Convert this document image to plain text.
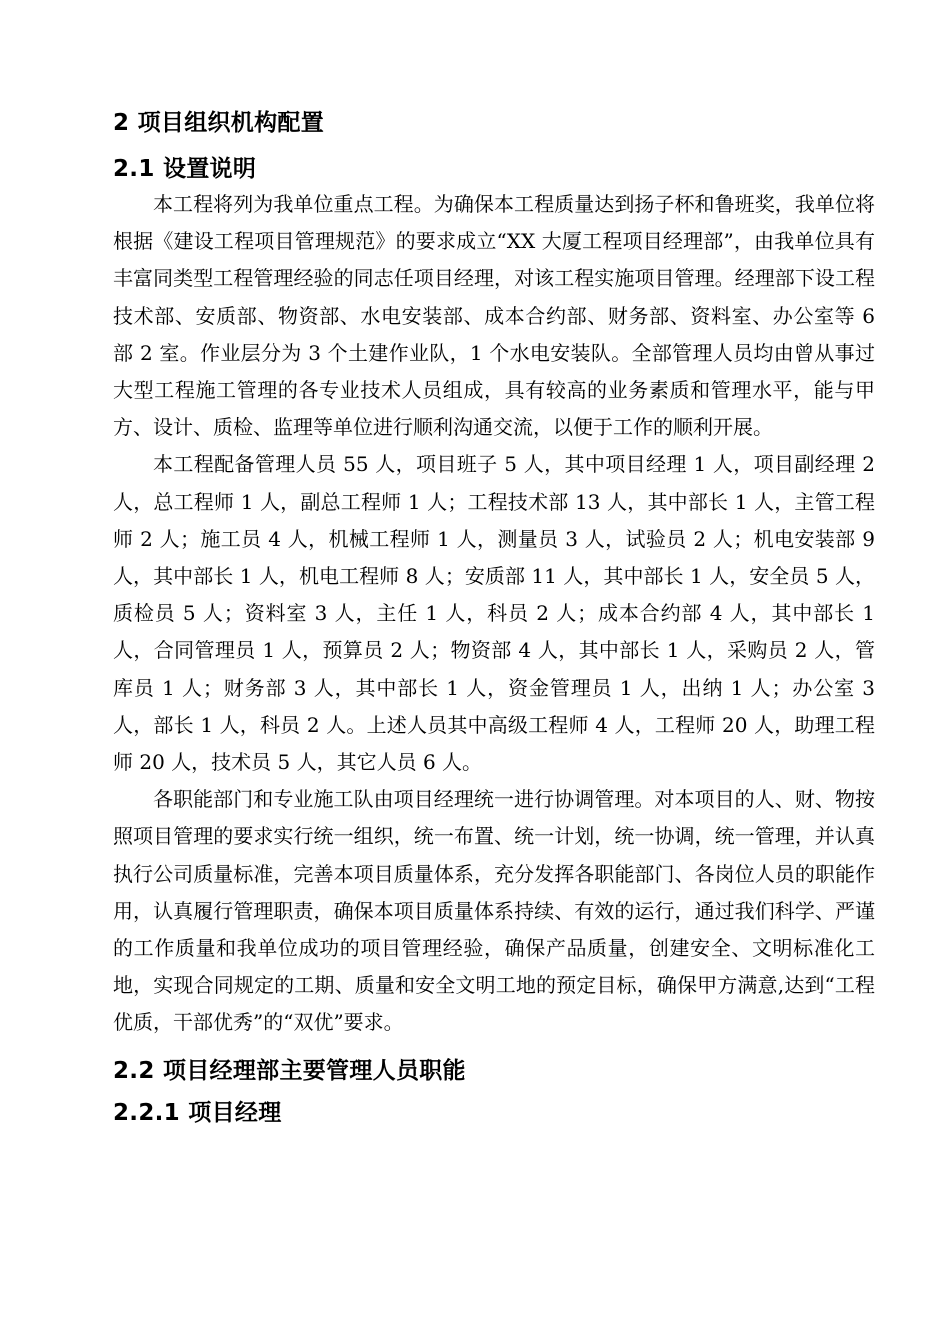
2 项目组织机构配置
2.1 设置说明

本工程将列为我单位重点工程。为确保本工程质量达到扬子杯和鲁班奖，我单位将根据《建设工程项目管理规范》的要求成立“XX 大厦工程项目经理部”，由我单位具有丰富同类型工程管理经验的同志任项目经理，对该工程实施项目管理。经理部下设工程技术部、安质部、物资部、水电安装部、成本合约部、财务部、资料室、办公室等 6 部 2 室。作业层分为 3 个土建作业队，1 个水电安装队。全部管理人员均由曾从事过大型工程施工管理的各专业技术人员组成，具有较高的业务素质和管理水平，能与甲方、设计、质检、监理等单位进行顺利沟通交流，以便于工作的顺利开展。

本工程配备管理人员 55 人，项目班子 5 人，其中项目经理 1 人，项目副经理 2 人，总工程师 1 人，副总工程师 1 人；工程技术部 13 人，其中部长 1 人，主管工程师 2 人；施工员 4 人，机械工程师 1 人，测量员 3 人，试验员 2 人；机电安装部 9 人，其中部长 1 人，机电工程师 8 人；安质部 11 人，其中部长 1 人，安全员 5 人，质检员 5 人；资料室 3 人，主任 1 人，科员 2 人；成本合约部 4 人，其中部长 1 人，合同管理员 1 人，预算员 2 人；物资部 4 人，其中部长 1 人，采购员 2 人，管库员 1 人；财务部 3 人，其中部长 1 人，资金管理员 1 人，出纳 1 人；办公室 3 人，部长 1 人，科员 2 人。上述人员其中高级工程师 4 人，工程师 20 人，助理工程师 20 人，技术员 5 人，其它人员 6 人。

各职能部门和专业施工队由项目经理统一进行协调管理。对本项目的人、财、物按照项目管理的要求实行统一组织，统一布置、统一计划，统一协调，统一管理，并认真执行公司质量标准，完善本项目质量体系，充分发挥各职能部门、各岗位人员的职能作用，认真履行管理职责，确保本项目质量体系持续、有效的运行，通过我们科学、严谨的工作质量和我单位成功的项目管理经验，确保产品质量，创建安全、文明标准化工地，实现合同规定的工期、质量和安全文明工地的预定目标，确保甲方满意,达到“工程优质，干部优秀”的“双优”要求。

2.2 项目经理部主要管理人员职能
2.2.1 项目经理
